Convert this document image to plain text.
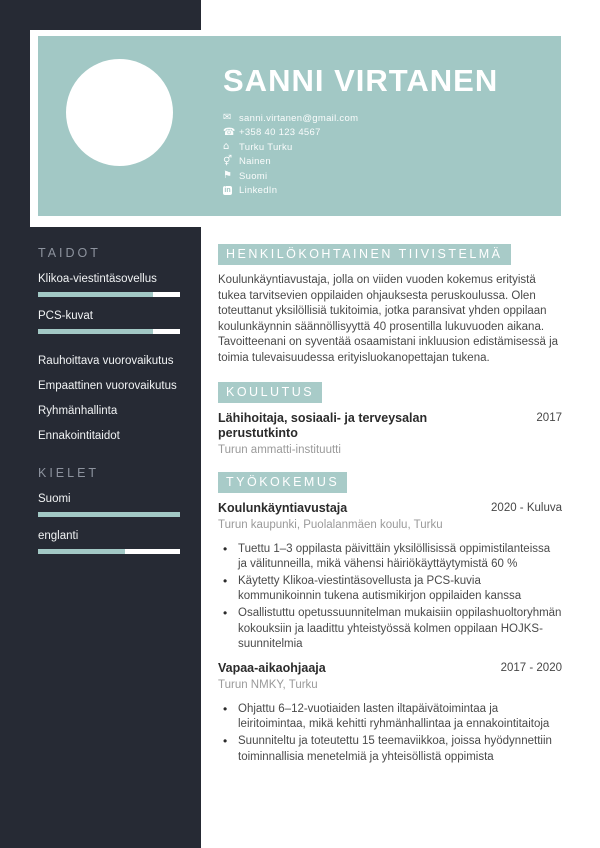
SANNI VIRTANEN
✉ sanni.virtanen@gmail.com
☎ +358 40 123 4567
⌂	Turku Turku
⚥ Nainen
⚑ Suomi
in LinkedIn
TAIDOT
Klikoa-viestintäsovellus
PCS-kuvat
Rauhoittava vuorovaikutus
Empaattinen vuorovaikutus
Ryhmänhallinta
Ennakointitaidot
KIELET
Suomi
englanti
HENKILÖKOHTAINEN TIIVISTELMÄ

Koulunkäyntiavustaja, jolla on viiden vuoden kokemus erityistä tukea tarvitsevien oppilaiden ohjauksesta peruskoulussa. Olen toteuttanut yksilöllisiä tukitoimia, jotka paransivat yhden oppilaan koulunkäynnin säännöllisyyttä 40 prosentilla lukuvuoden aikana. Tavoitteenani on syventää osaamistani inkluusion edistämisessä ja toimia tulevaisuudessa erityisluokanopettajan tukena.

KOULUTUS
Lähihoitaja, sosiaali- ja terveysalan perustutkinto
2017
Turun ammatti-instituutti
TYÖKOKEMUS
Koulunkäyntiavustaja	2020 - Kuluva
Turun kaupunki, Puolalanmäen koulu, Turku
• Tuettu 1–3 oppilasta päivittäin yksilöllisissä oppimistilanteissa ja välitunneilla, mikä vähensi häiriökäyttäytymistä 60 %
• Käytetty Klikoa-viestintäsovellusta ja PCS-kuvia kommunikoinnin tukena autismikirjon oppilaiden kanssa
• Osallistuttu opetussuunnitelman mukaisiin oppilashuoltoryhmän kokouksiin ja laadittu yhteistyössä kolmen oppilaan HOJKS-suunnitelmia
Vapaa-aikaohjaaja	2017 - 2020
Turun NMKY, Turku
• Ohjattu 6–12-vuotiaiden lasten iltapäivätoimintaa ja leiritoimintaa, mikä kehitti ryhmänhallintaa ja ennakointitaitoja
• Suunniteltu ja toteutettu 15 teemaviikkoa, joissa hyödynnettiin toiminnallisia menetelmiä ja yhteisöllistä oppimista
